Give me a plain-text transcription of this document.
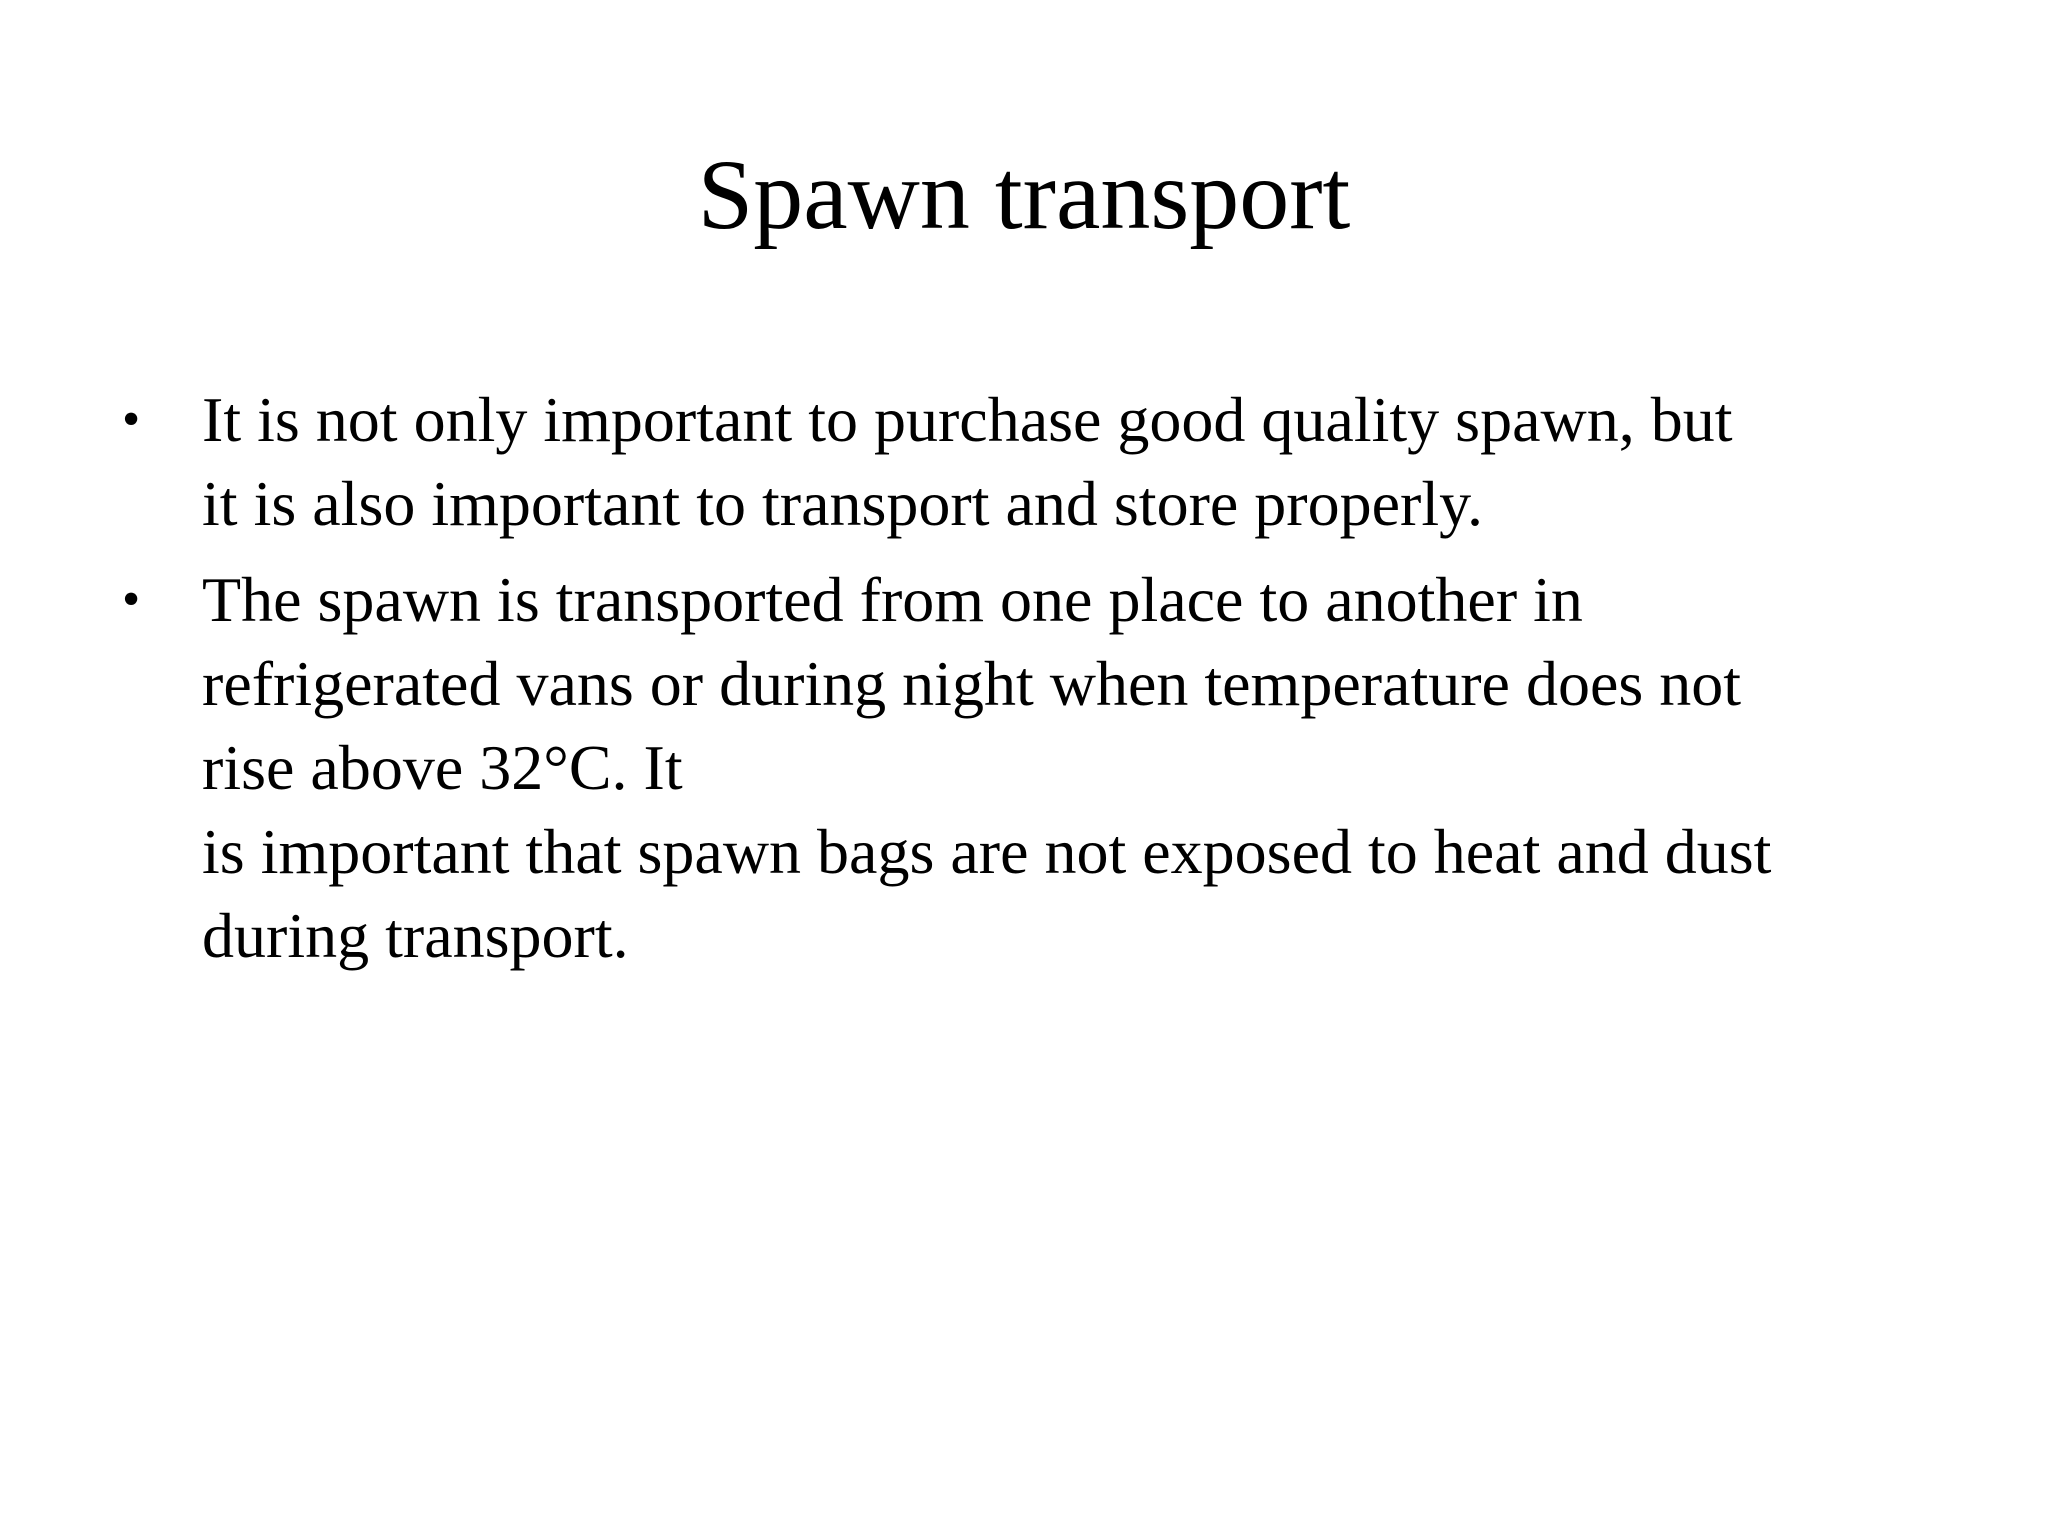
Spawn transport
• It is not only important to purchase good quality spawn, but
it is also important to transport and store properly.
• The spawn is transported from one place to another in
refrigerated vans or during night when temperature does not
rise above 32°C. It
is important that spawn bags are not exposed to heat and dust
during transport.
